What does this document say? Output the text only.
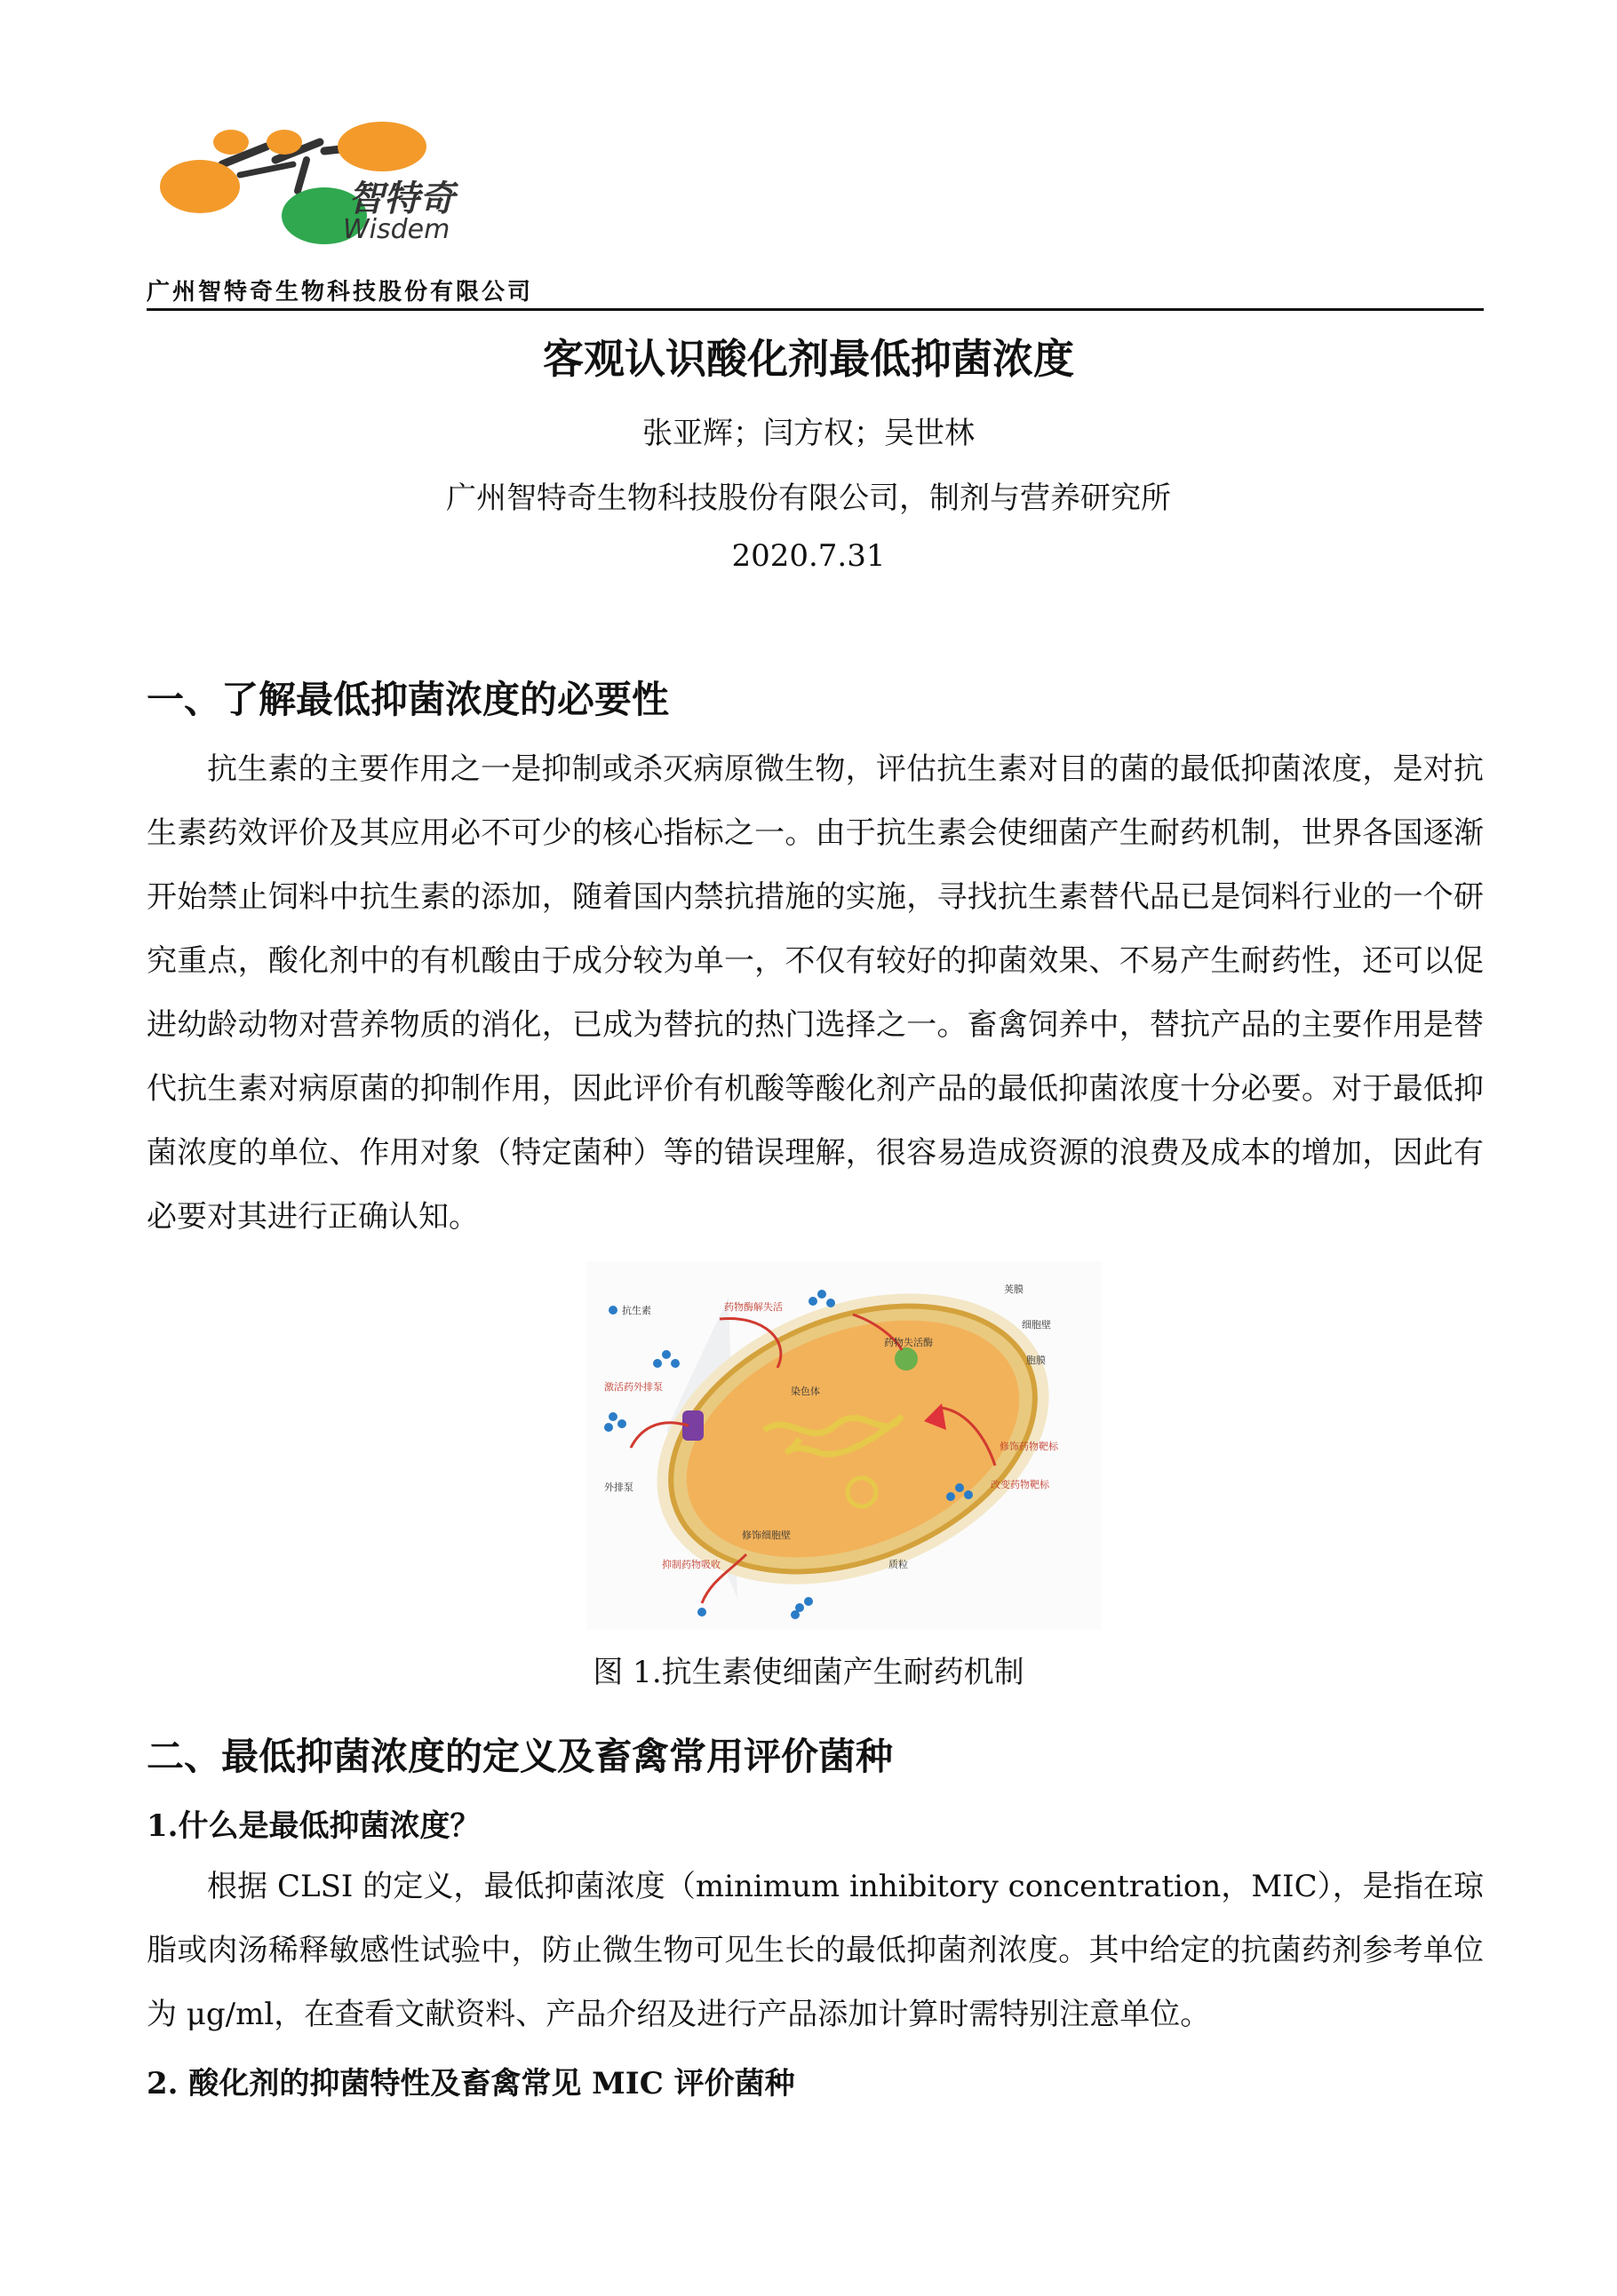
智特奇
Wisdem
广州智特奇生物科技股份有限公司
客观认识酸化剂最低抑菌浓度
张亚辉；闫方权；吴世林
广州智特奇生物科技股份有限公司，制剂与营养研究所
2020.7.31
一、了解最低抑菌浓度的必要性

抗生素的主要作用之一是抑制或杀灭病原微生物，评估抗生素对目的菌的最低抑菌浓度，是对抗生素药效评价及其应用必不可少的核心指标之一。由于抗生素会使细菌产生耐药机制，世界各国逐渐开始禁止饲料中抗生素的添加，随着国内禁抗措施的实施，寻找抗生素替代品已是饲料行业的一个研究重点，酸化剂中的有机酸由于成分较为单一，不仅有较好的抑菌效果、不易产生耐药性，还可以促进幼龄动物对营养物质的消化，已成为替抗的热门选择之一。畜禽饲养中，替抗产品的主要作用是替代抗生素对病原菌的抑制作用，因此评价有机酸等酸化剂产品的最低抑菌浓度十分必要。对于最低抑菌浓度的单位、作用对象（特定菌种）等的错误理解，很容易造成资源的浪费及成本的增加，因此有必要对其进行正确认知。

抗生素	药物酶解失活
荚膜
细胞壁
胞膜
药物失活酶
激活药外排泵	染色体
外排泵
修饰药物靶标
改变药物靶标
修饰细胞壁
质粒
抑制药物吸收
图 1.抗生素使细菌产生耐药机制
二、最低抑菌浓度的定义及畜禽常用评价菌种
1.什么是最低抑菌浓度？

根据 CLSI 的定义，最低抑菌浓度（minimum inhibitory concentration，MIC），是指在琼脂或肉汤稀释敏感性试验中，防止微生物可见生长的最低抑菌剂浓度。其中给定的抗菌药剂参考单位为 μg/ml，在查看文献资料、产品介绍及进行产品添加计算时需特别注意单位。

2. 酸化剂的抑菌特性及畜禽常见 MIC 评价菌种
